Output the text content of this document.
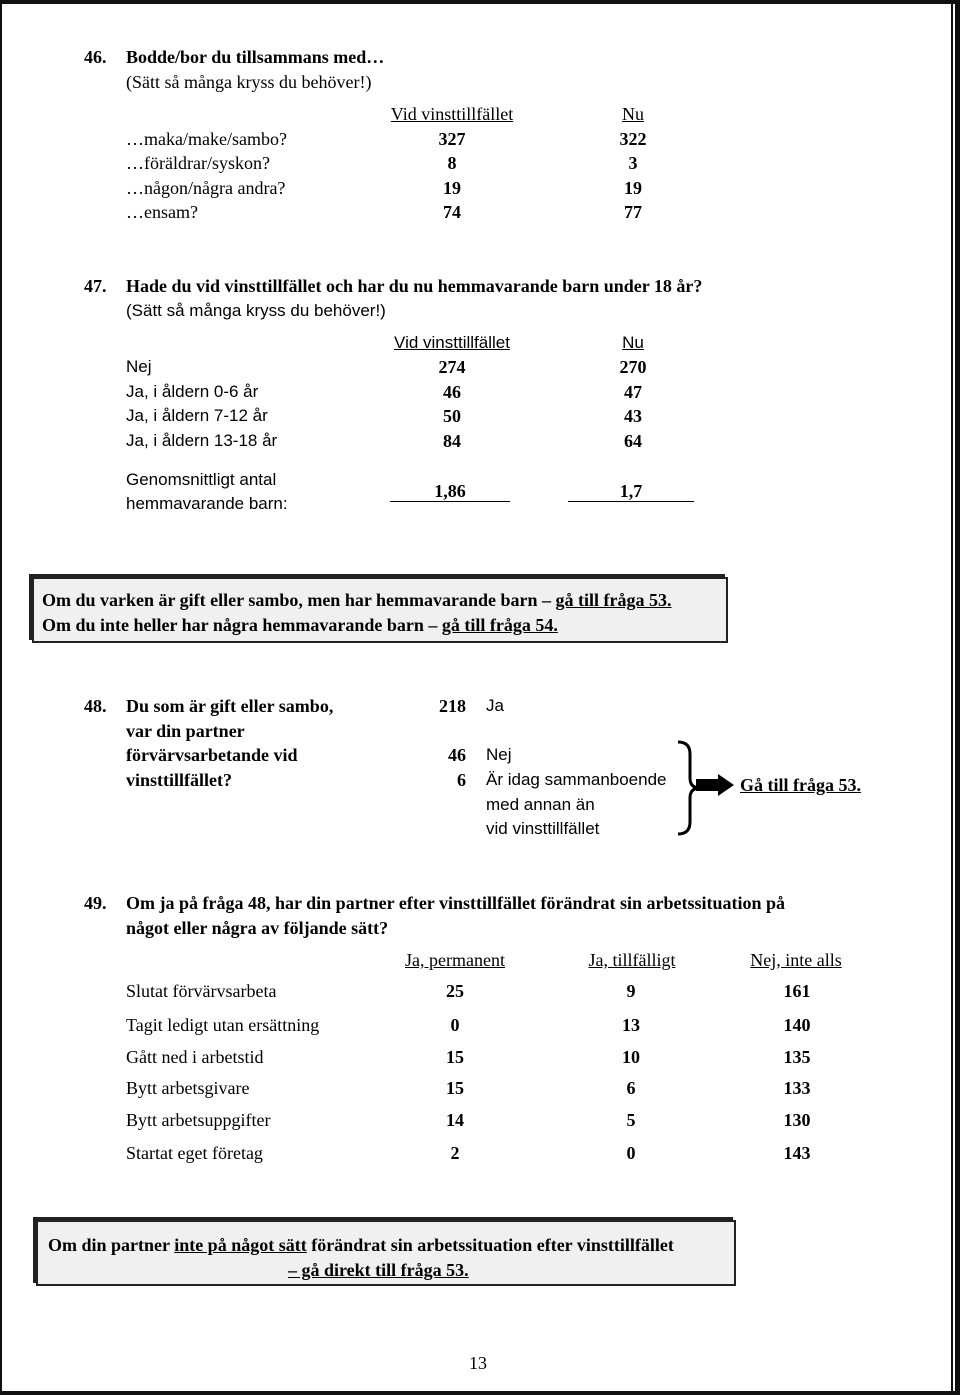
46. Bodde/bor du tillsammans med…
(Sätt så många kryss du behöver!)
Vid vinsttillfället	Nu
…maka/make/sambo?	327	322
…föräldrar/syskon?	8	3
…någon/några andra?	19	19
…ensam?	74	77
47. Hade du vid vinsttillfället och har du nu hemmavarande barn under 18 år?
(Sätt så många kryss du behöver!)
Vid vinsttillfället	Nu
Nej	274	270
Ja, i åldern 0-6 år	46	47
Ja, i åldern 7-12 år	50	43
Ja, i åldern 13-18 år	84	64
Genomsnittligt antal
hemmavarande barn:
1,86	1,7
Om du varken är gift eller sambo, men har hemmavarande barn – gå till fråga 53.
Om du inte heller har några hemmavarande barn – gå till fråga 54.
48. Du som är gift eller sambo,
var din partner
förvärvsarbetande vid
vinsttillfället?
218 Ja
46 Nej
6 Är idag sammanboende
med annan än
vid vinsttillfället
Gå till fråga 53.
49. Om ja på fråga 48, har din partner efter vinsttillfället förändrat sin arbetssituation på
något eller några av följande sätt?
Ja, permanent	Ja, tillfälligt	Nej, inte alls
Slutat förvärvsarbeta	25	9	161
Tagit ledigt utan ersättning	0	13	140
Gått ned i arbetstid	15	10	135
Bytt arbetsgivare	15	6	133
Bytt arbetsuppgifter	14	5	130
Startat eget företag	2	0	143
Om din partner inte på något sätt förändrat sin arbetssituation efter vinsttillfället
– gå direkt till fråga 53.
13
